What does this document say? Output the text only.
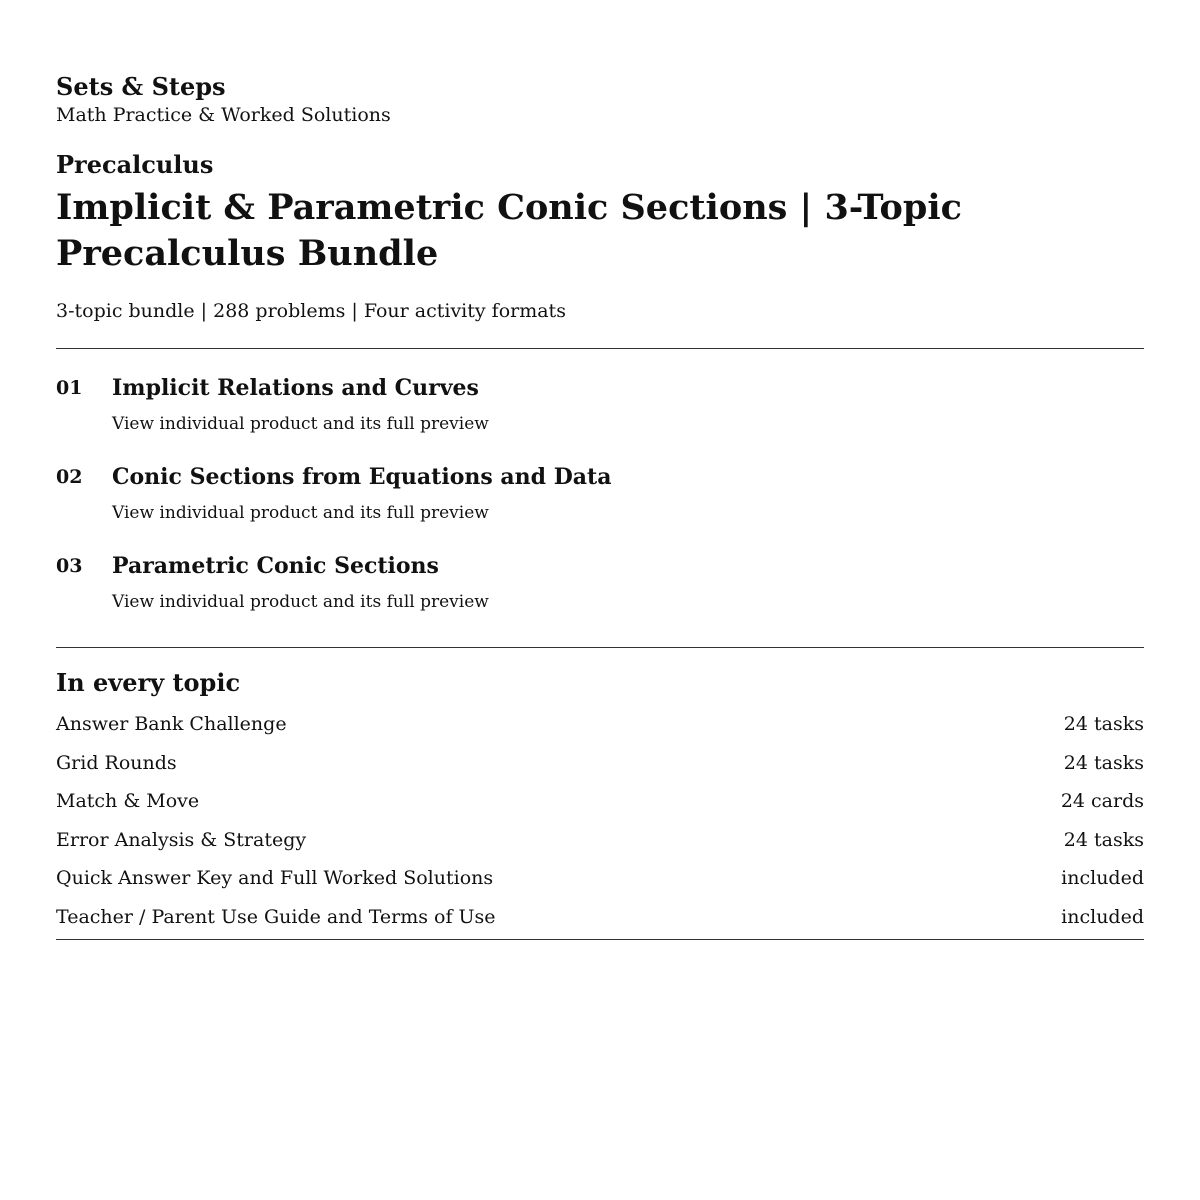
Sets & Steps
Math Practice & Worked Solutions
Precalculus
Implicit & Parametric Conic Sections | 3-Topic Precalculus Bundle
3-topic bundle | 288 problems | Four activity formats
01	Implicit Relations and Curves
View individual product and its full preview
02	Conic Sections from Equations and Data
View individual product and its full preview
03	Parametric Conic Sections
View individual product and its full preview
In every topic
Answer Bank Challenge	24 tasks
Grid Rounds	24 tasks
Match & Move	24 cards
Error Analysis & Strategy	24 tasks
Quick Answer Key and Full Worked Solutions	included
Teacher / Parent Use Guide and Terms of Use	included
